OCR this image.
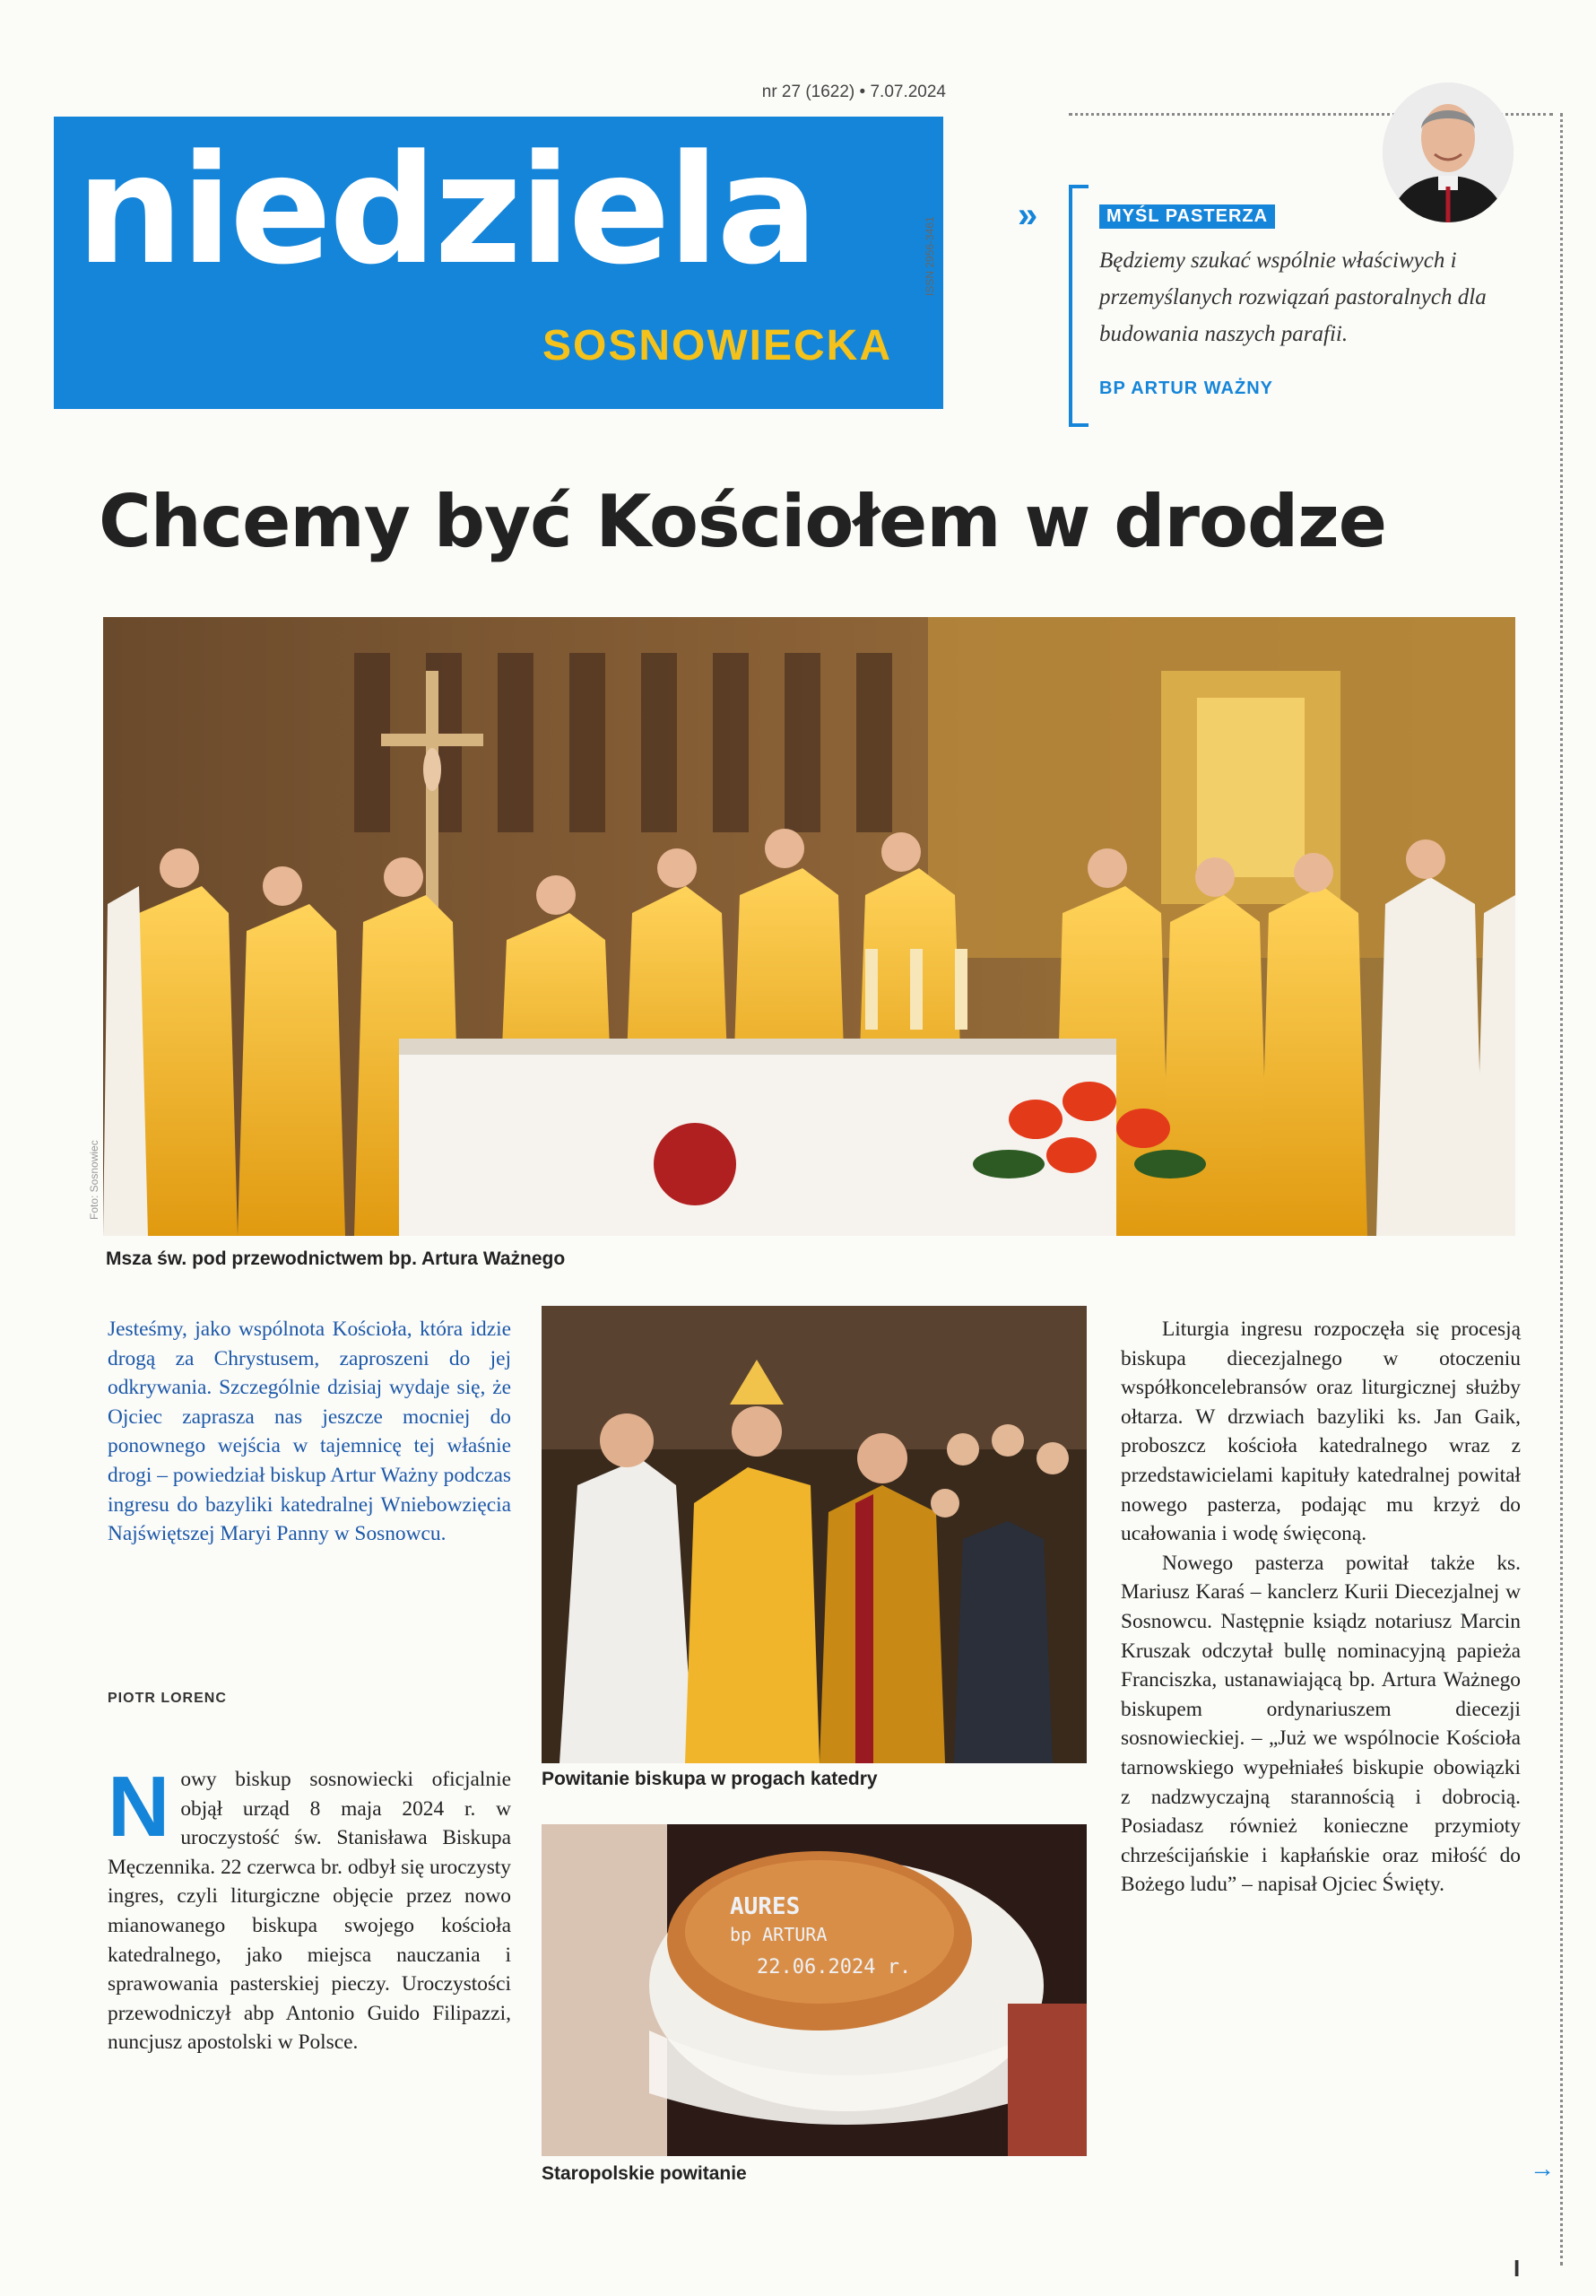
nr 27 (1622) • 7.07.2024
niedziela
SOSNOWIECKA
ISSN 2956-3461
»	MYŚL PASTERZA
Będziemy szukać wspólnie właściwych i przemyślanych rozwiązań pastoralnych dla budowania naszych parafii.
BP ARTUR WAŻNY
Chcemy być Kościołem w drodze
Foto: Sosnowiec
Msza św. pod przewodnictwem bp. Artura Ważnego
Powitanie biskupa w progach katedry
AURES
bp ARTURA
22.06.2024 r.
Staropolskie powitanie
Jesteśmy, jako wspólnota Kościoła, która idzie drogą za Chrystusem, zaproszeni do jej odkrywania. Szczególnie dzisiaj wydaje się, że Ojciec zaprasza nas jeszcze mocniej do ponownego wejścia w tajemnicę tej właśnie drogi – powiedział biskup Artur Ważny podczas ingresu do bazyliki katedralnej Wniebowzięcia Najświętszej Maryi Panny w Sosnowcu.
PIOTR LORENC
Nowy biskup sosnowiecki oficjalnie objął urząd 8 maja 2024 r. w uroczystość św. Stanisława Biskupa Męczennika. 22 czerwca br. odbył się uroczysty ingres, czyli liturgiczne objęcie przez nowo mianowanego biskupa swojego kościoła katedralnego, jako miejsca nauczania i sprawowania pasterskiej pieczy. Uroczystości przewodniczył abp Antonio Guido Filipazzi, nuncjusz apostolski w Polsce.

Liturgia ingresu rozpoczęła się procesją biskupa diecezjalnego w otoczeniu współkoncelebransów oraz liturgicznej służby ołtarza. W drzwiach bazyliki ks. Jan Gaik, proboszcz kościoła katedralnego wraz z przedstawicielami kapituły katedralnej powitał nowego pasterza, podając mu krzyż do ucałowania i wodę święconą.

Nowego pasterza powitał także ks. Mariusz Karaś – kanclerz Kurii Diecezjalnej w Sosnowcu. Następnie ksiądz notariusz Marcin Kruszak odczytał bullę nominacyjną papieża Franciszka, ustanawiającą bp. Artura Ważnego biskupem ordynariuszem diecezji sosnowieckiej. – „Już we wspólnocie Kościoła tarnowskiego wypełniałeś biskupie obowiązki z nadzwyczajną starannością i dobrocią. Posiadasz również konieczne przymioty chrześcijańskie i kapłańskie oraz miłość do Bożego ludu” – napisał Ojciec Święty.

→
I
